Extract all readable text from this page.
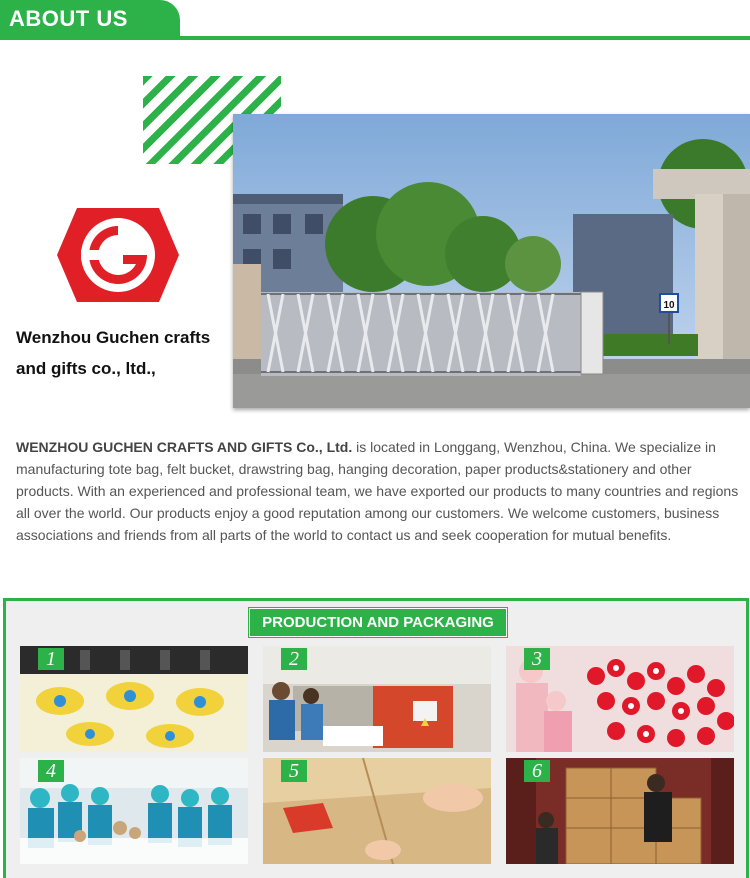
ABOUT US
10
Wenzhou Guchen crafts
and gifts co., ltd.,

WENZHOU GUCHEN CRAFTS AND GIFTS Co., Ltd. is located in Longgang, Wenzhou, China. We specialize in manufacturing tote bag, felt bucket, drawstring bag, hanging decoration, paper products&stationery and other products. With an experienced and professional team, we have exported our products to many countries and regions all over the world. Our products enjoy a good reputation among our customers. We welcome customers, business associations and friends from all parts of the world to contact us and seek cooperation for mutual benefits.

PRODUCTION AND PACKAGING
1	2	3
4	5	6
